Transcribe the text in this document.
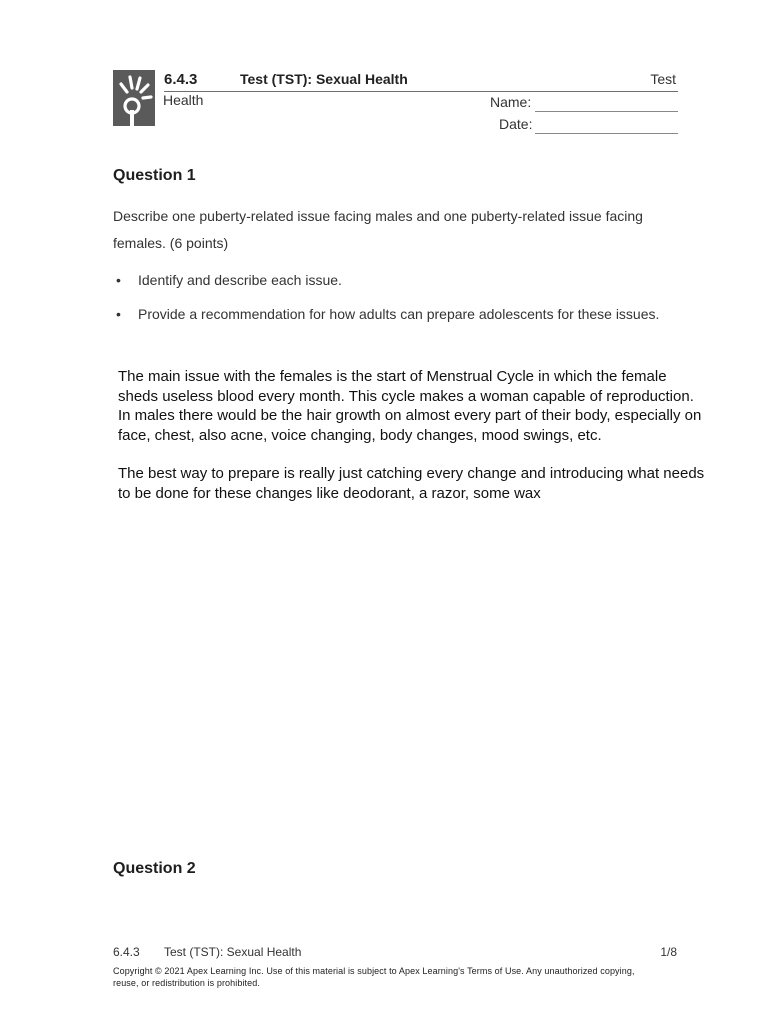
6.4.3	Test (TST): Sexual Health	Test
Health	Name:
Date:
Question 1
Describe one puberty-related issue facing males and one puberty-related issue facing females. (6 points)
•	Identify and describe each issue.
•	Provide a recommendation for how adults can prepare adolescents for these issues.

The main issue with the females is the start of Menstrual Cycle in which the female sheds useless blood every month. This cycle makes a woman capable of reproduction.

In males there would be the hair growth on almost every part of their body, especially on face, chest, also acne, voice changing, body changes, mood swings, etc.

The best way to prepare is really just catching every change and introducing what needs to be done for these changes like deodorant, a razor, some wax

Question 2
6.4.3 Test (TST): Sexual Health	1/8
Copyright © 2021 Apex Learning Inc. Use of this material is subject to Apex Learning's Terms of Use. Any unauthorized copying, reuse, or redistribution is prohibited.
